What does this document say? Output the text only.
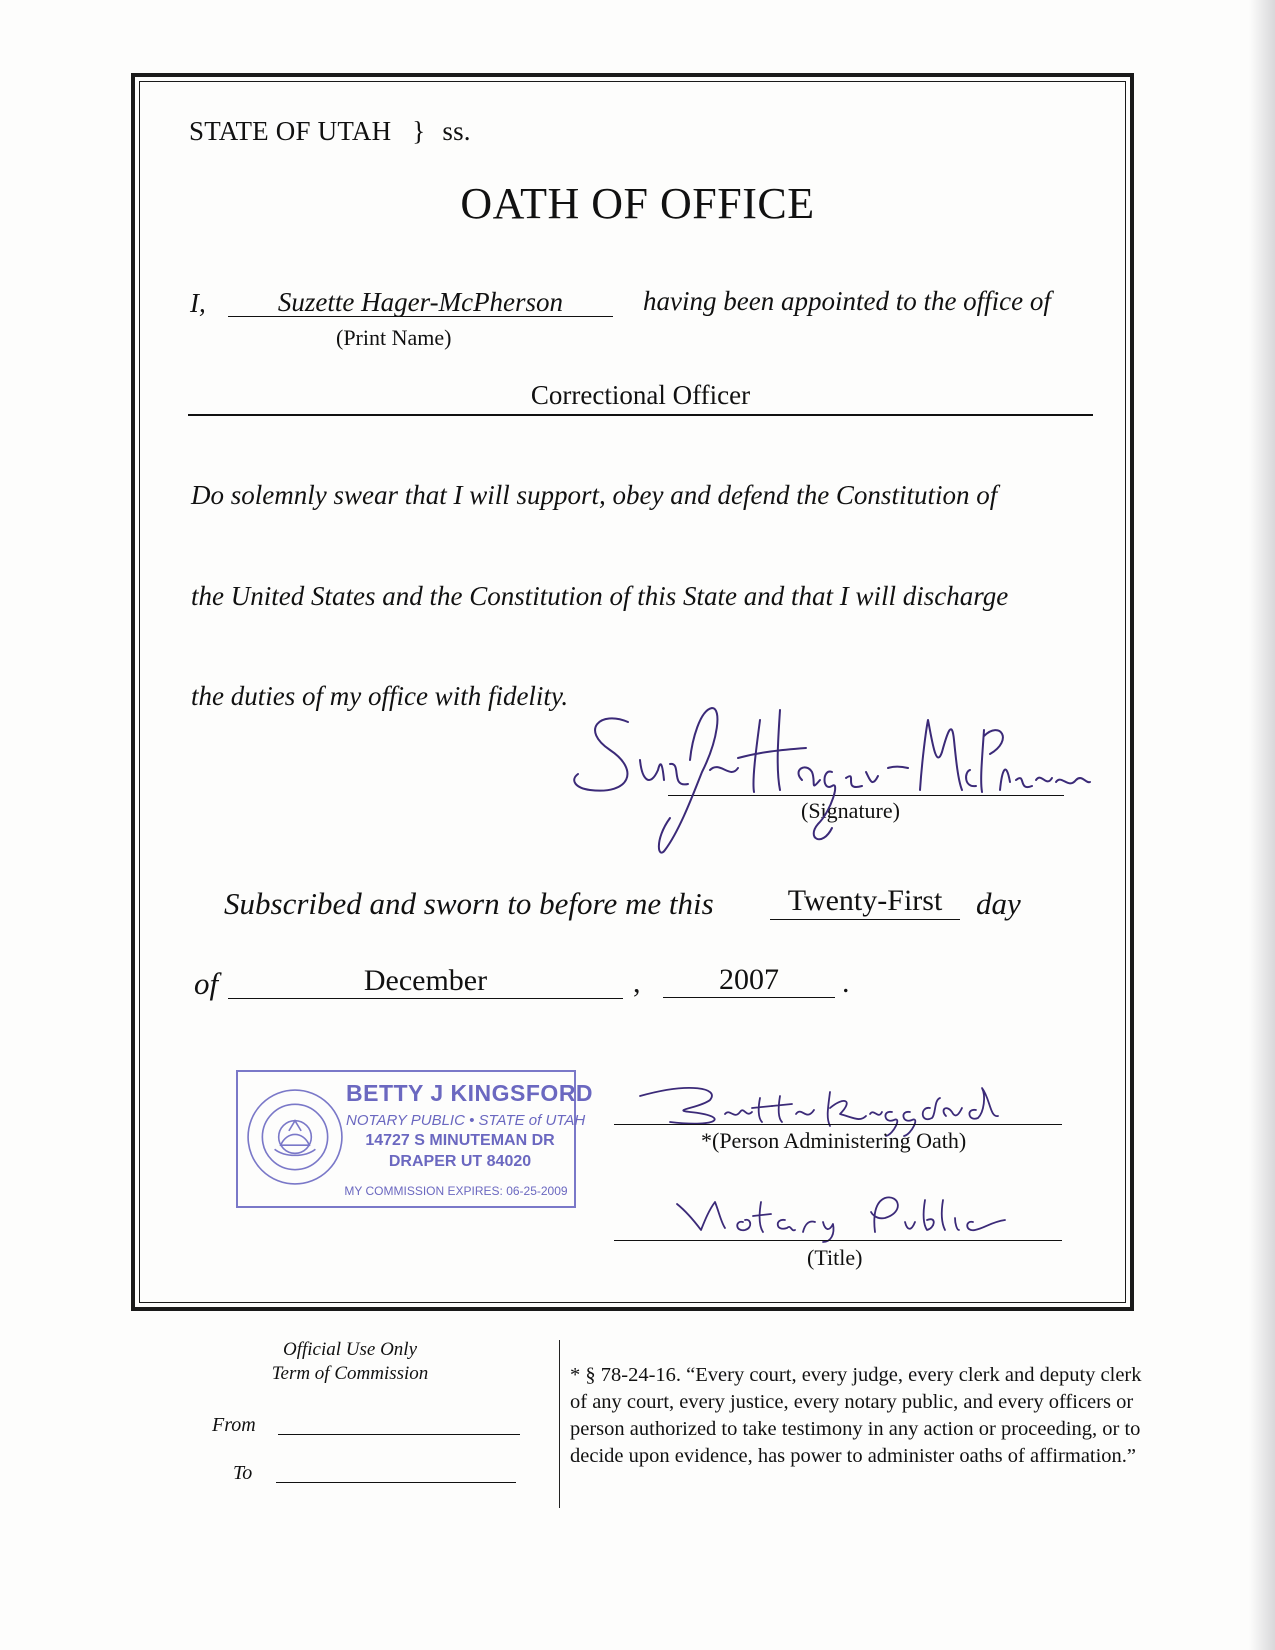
STATE OF UTAH } ss.
OATH OF OFFICE
I,	Suzette Hager-McPherson	having been appointed to the office of
(Print Name)
Correctional Officer
Do solemnly swear that I will support, obey and defend the Constitution of
the United States and the Constitution of this State and that I will discharge
the duties of my office with fidelity.
(Signature)
Subscribed and sworn to before me this	Twenty-First	day
of	December	,	2007	.
BETTY J KINGSFORD
NOTARY PUBLIC • STATE of UTAH
14727 S MINUTEMAN DR
DRAPER UT 84020
MY COMMISSION EXPIRES: 06-25-2009
*(Person Administering Oath)
(Title)
Official Use Only
Term of Commission
From
To
* § 78-24-16. “Every court, every judge, every clerk and deputy clerk of any court, every justice, every notary public, and every officers or person authorized to take testimony in any action or proceeding, or to decide upon evidence, has power to administer oaths of affirmation.”
